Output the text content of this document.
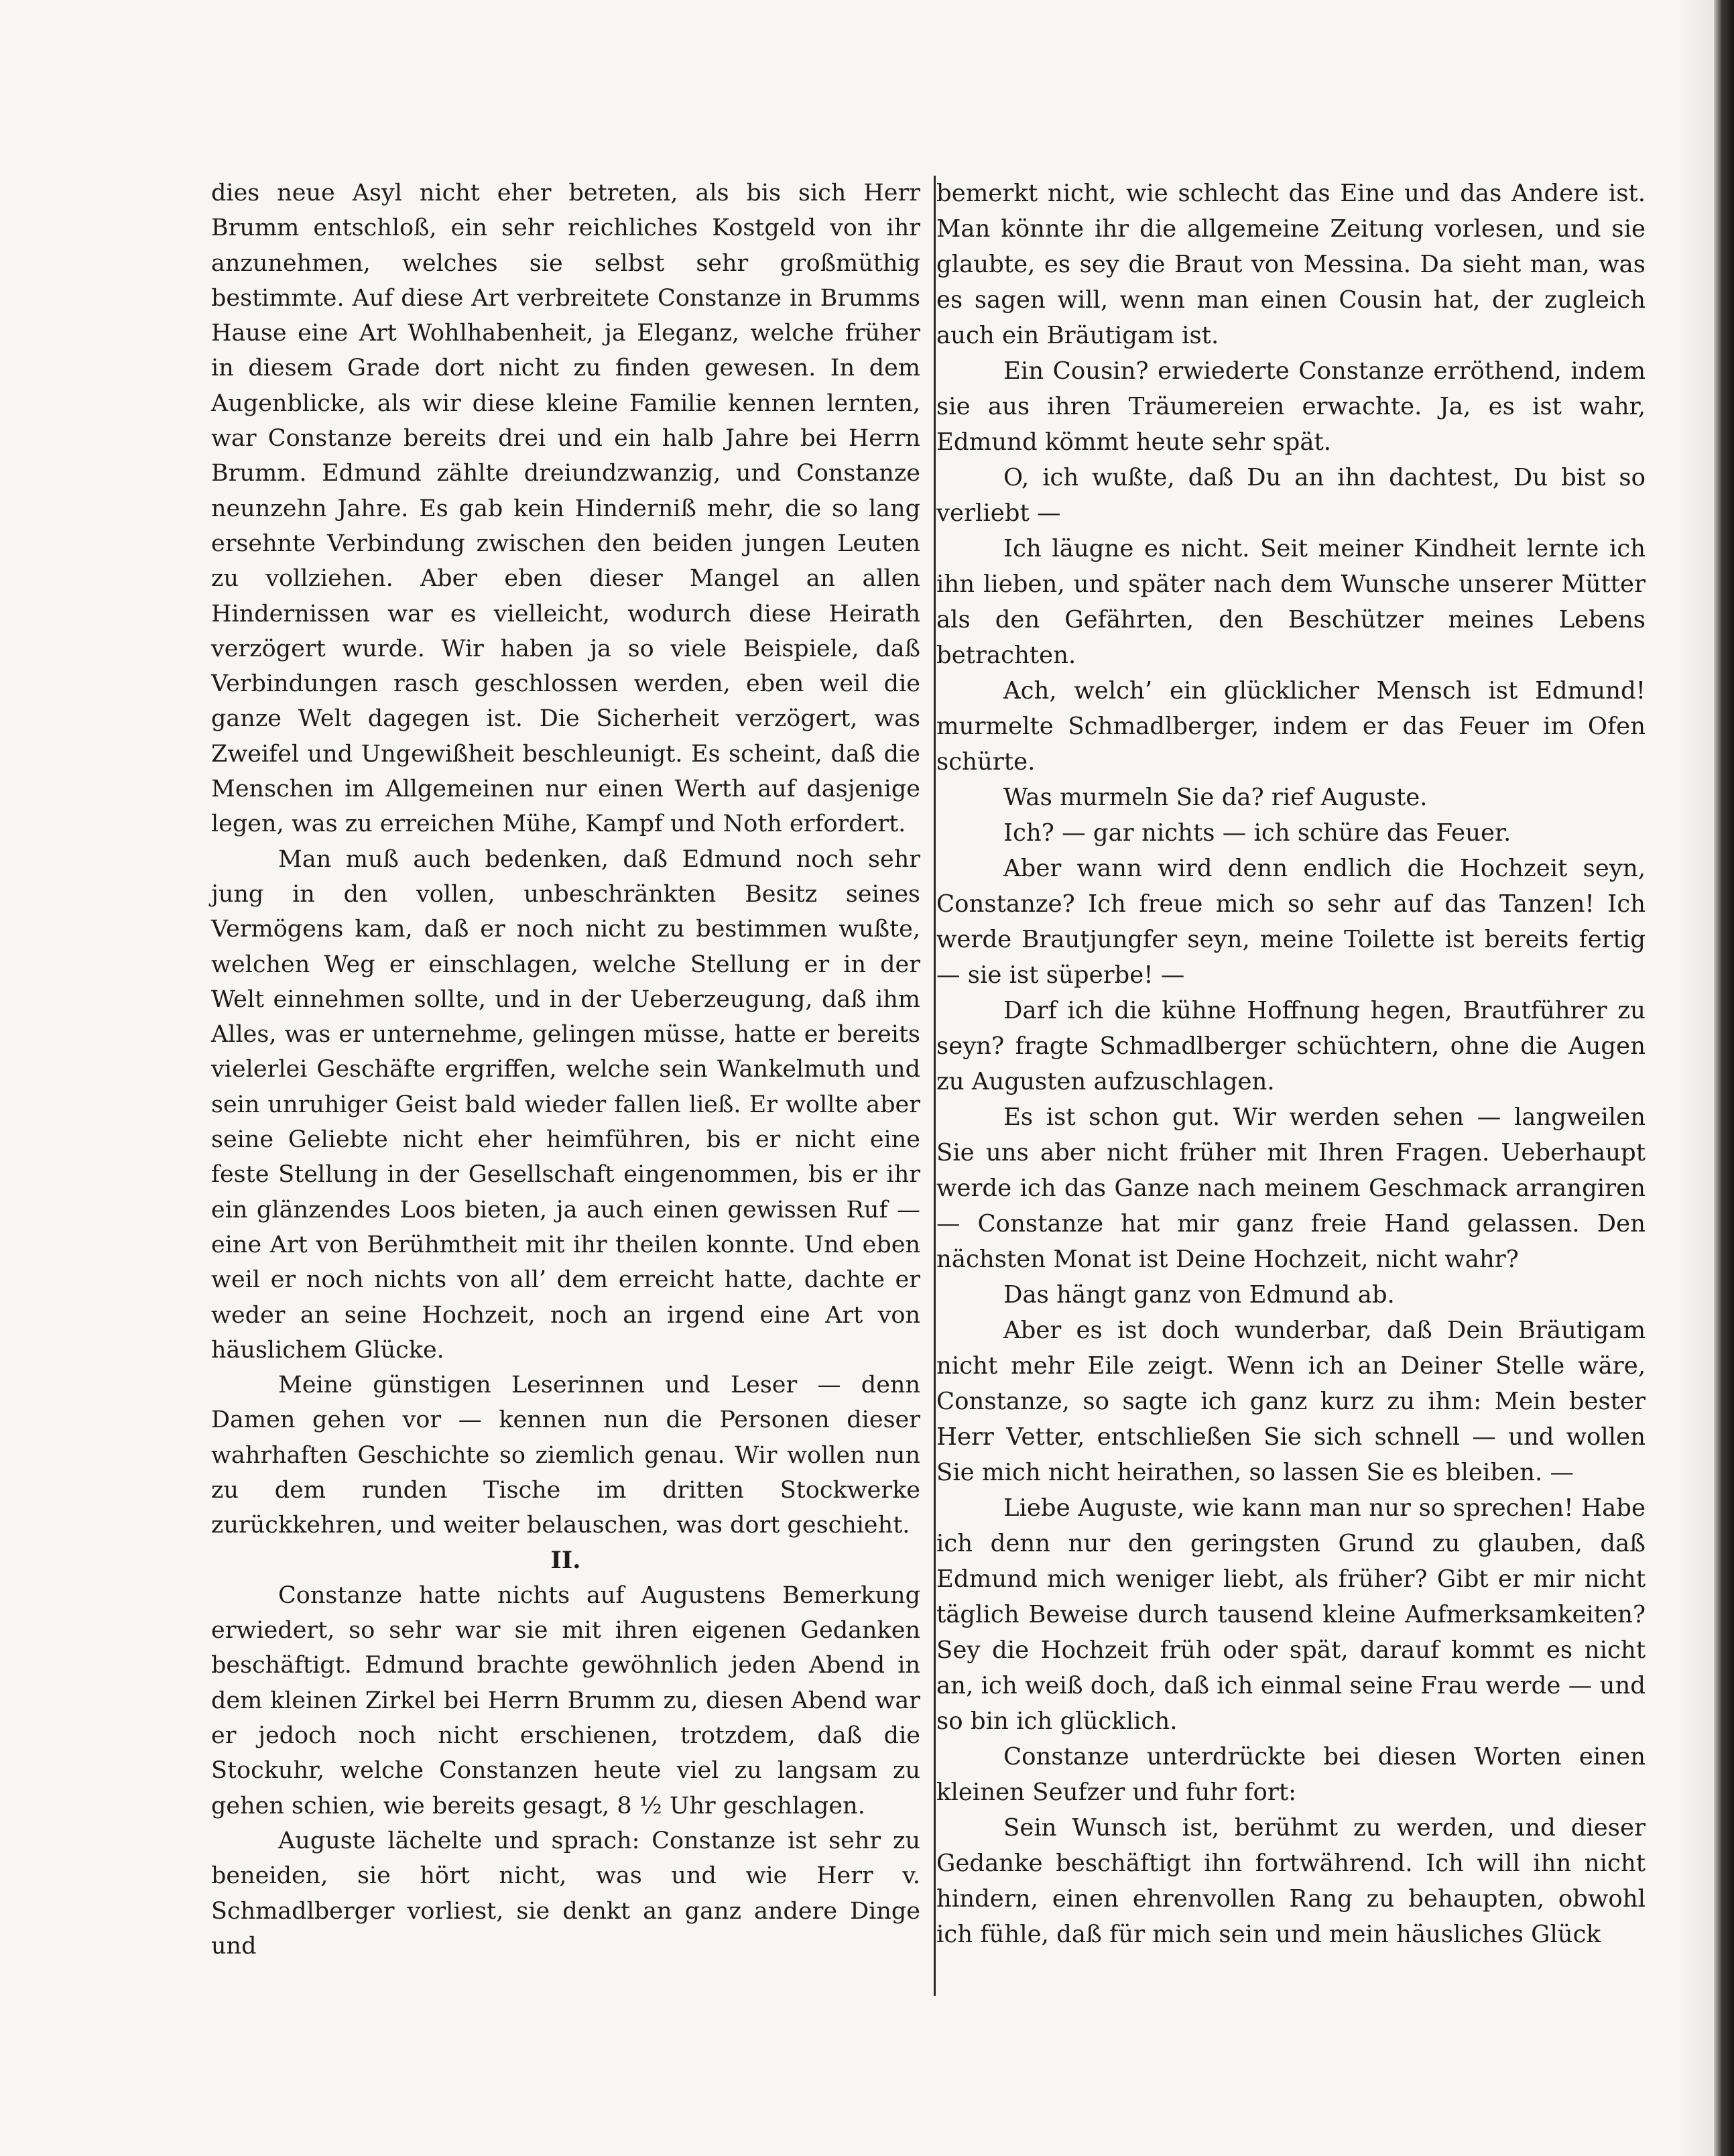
dies neue Asyl nicht eher betreten, als bis sich Herr Brumm entschloß, ein sehr reichliches Kostgeld von ihr anzunehmen, welches sie selbst sehr großmüthig bestimmte. Auf diese Art verbreitete Constanze in Brumms Hause eine Art Wohlhabenheit, ja Eleganz, welche früher in diesem Grade dort nicht zu finden gewesen. In dem Augenblicke, als wir diese kleine Familie kennen lernten, war Constanze bereits drei und ein halb Jahre bei Herrn Brumm. Edmund zählte dreiundzwanzig, und Constanze neunzehn Jahre. Es gab kein Hinderniß mehr, die so lang ersehnte Verbindung zwischen den beiden jungen Leuten zu vollziehen. Aber eben dieser Mangel an allen Hindernissen war es vielleicht, wodurch diese Heirath verzögert wurde. Wir haben ja so viele Beispiele, daß Verbindungen rasch geschlossen werden, eben weil die ganze Welt dagegen ist. Die Sicherheit verzögert, was Zweifel und Ungewißheit beschleunigt. Es scheint, daß die Menschen im Allgemeinen nur einen Werth auf dasjenige legen, was zu erreichen Mühe, Kampf und Noth erfordert.

Man muß auch bedenken, daß Edmund noch sehr jung in den vollen, unbeschränkten Besitz seines Vermögens kam, daß er noch nicht zu bestimmen wußte, welchen Weg er einschlagen, welche Stellung er in der Welt einnehmen sollte, und in der Ueberzeugung, daß ihm Alles, was er unternehme, gelingen müsse, hatte er bereits vielerlei Geschäfte ergriffen, welche sein Wankelmuth und sein unruhiger Geist bald wieder fallen ließ. Er wollte aber seine Geliebte nicht eher heimführen, bis er nicht eine feste Stellung in der Gesellschaft eingenommen, bis er ihr ein glänzendes Loos bieten, ja auch einen gewissen Ruf — eine Art von Berühmtheit mit ihr theilen konnte. Und eben weil er noch nichts von all’ dem erreicht hatte, dachte er weder an seine Hochzeit, noch an irgend eine Art von häuslichem Glücke.

Meine günstigen Leserinnen und Leser — denn Damen gehen vor — kennen nun die Personen dieser wahrhaften Geschichte so ziemlich genau. Wir wollen nun zu dem runden Tische im dritten Stockwerke zurückkehren, und weiter belauschen, was dort geschieht.

II.

Constanze hatte nichts auf Augustens Bemerkung erwiedert, so sehr war sie mit ihren eigenen Gedanken beschäftigt. Edmund brachte gewöhnlich jeden Abend in dem kleinen Zirkel bei Herrn Brumm zu, diesen Abend war er jedoch noch nicht erschienen, trotzdem, daß die Stockuhr, welche Constanzen heute viel zu langsam zu gehen schien, wie bereits gesagt, 8 ½ Uhr geschlagen.

Auguste lächelte und sprach: Constanze ist sehr zu beneiden, sie hört nicht, was und wie Herr v. Schmadlberger vorliest, sie denkt an ganz andere Dinge und

bemerkt nicht, wie schlecht das Eine und das Andere ist. Man könnte ihr die allgemeine Zeitung vorlesen, und sie glaubte, es sey die Braut von Messina. Da sieht man, was es sagen will, wenn man einen Cousin hat, der zugleich auch ein Bräutigam ist.

Ein Cousin? erwiederte Constanze erröthend, indem sie aus ihren Träumereien erwachte. Ja, es ist wahr, Edmund kömmt heute sehr spät.

O, ich wußte, daß Du an ihn dachtest, Du bist so verliebt —

Ich läugne es nicht. Seit meiner Kindheit lernte ich ihn lieben, und später nach dem Wunsche unserer Mütter als den Gefährten, den Beschützer meines Lebens betrachten.

Ach, welch’ ein glücklicher Mensch ist Edmund! murmelte Schmadlberger, indem er das Feuer im Ofen schürte.

Was murmeln Sie da? rief Auguste.

Ich? — gar nichts — ich schüre das Feuer.

Aber wann wird denn endlich die Hochzeit seyn, Constanze? Ich freue mich so sehr auf das Tanzen! Ich werde Brautjungfer seyn, meine Toilette ist bereits fertig — sie ist süperbe! —

Darf ich die kühne Hoffnung hegen, Brautführer zu seyn? fragte Schmadlberger schüchtern, ohne die Augen zu Augusten aufzuschlagen.

Es ist schon gut. Wir werden sehen — langweilen Sie uns aber nicht früher mit Ihren Fragen. Ueberhaupt werde ich das Ganze nach meinem Geschmack arrangiren — Constanze hat mir ganz freie Hand gelassen. Den nächsten Monat ist Deine Hochzeit, nicht wahr?

Das hängt ganz von Edmund ab.

Aber es ist doch wunderbar, daß Dein Bräutigam nicht mehr Eile zeigt. Wenn ich an Deiner Stelle wäre, Constanze, so sagte ich ganz kurz zu ihm: Mein bester Herr Vetter, entschließen Sie sich schnell — und wollen Sie mich nicht heirathen, so lassen Sie es bleiben. —

Liebe Auguste, wie kann man nur so sprechen! Habe ich denn nur den geringsten Grund zu glauben, daß Edmund mich weniger liebt, als früher? Gibt er mir nicht täglich Beweise durch tausend kleine Aufmerksamkeiten? Sey die Hochzeit früh oder spät, darauf kommt es nicht an, ich weiß doch, daß ich einmal seine Frau werde — und so bin ich glücklich.

Constanze unterdrückte bei diesen Worten einen kleinen Seufzer und fuhr fort:

Sein Wunsch ist, berühmt zu werden, und dieser Gedanke beschäftigt ihn fortwährend. Ich will ihn nicht hindern, einen ehrenvollen Rang zu behaupten, obwohl ich fühle, daß für mich sein und mein häusliches Glück
